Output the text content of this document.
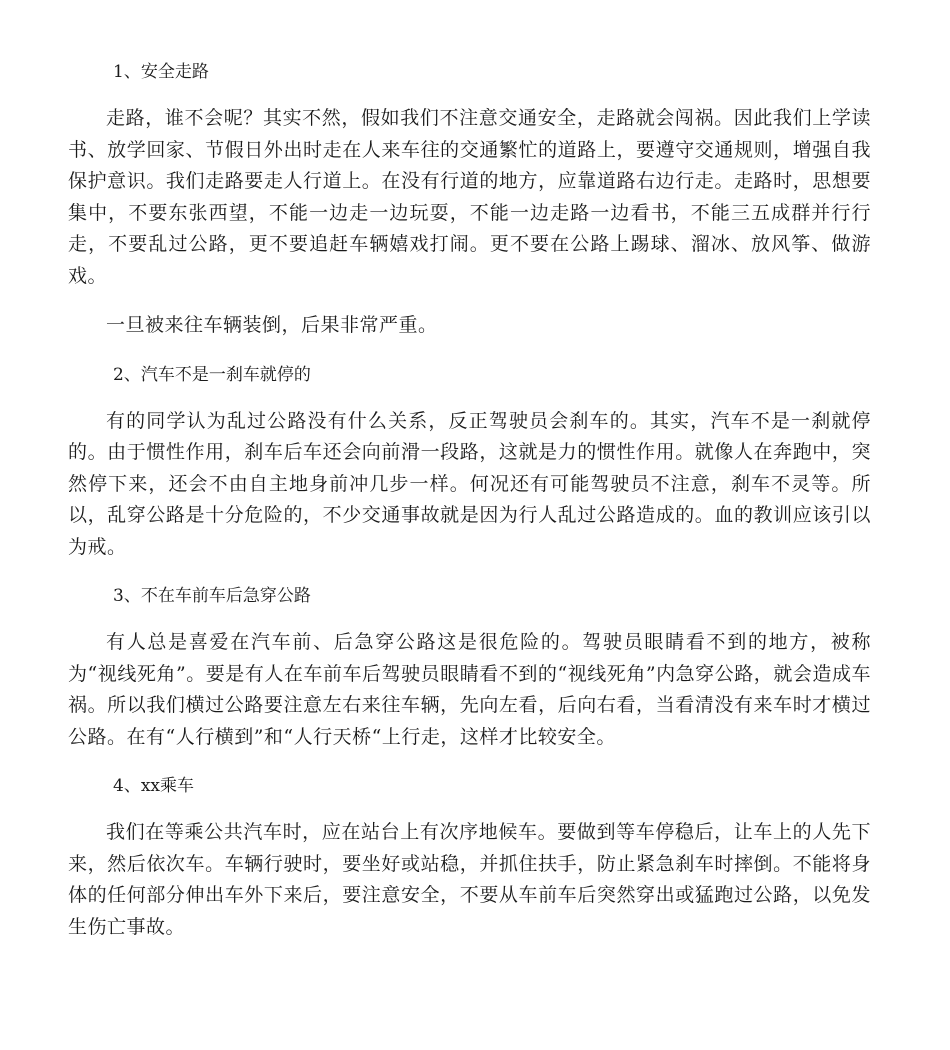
1、安全走路

走路，谁不会呢？其实不然，假如我们不注意交通安全，走路就会闯祸。因此我们上学读书、放学回家、节假日外出时走在人来车往的交通繁忙的道路上，要遵守交通规则，增强自我保护意识。我们走路要走人行道上。在没有行道的地方，应靠道路右边行走。走路时，思想要集中，不要东张西望，不能一边走一边玩耍，不能一边走路一边看书，不能三五成群并行行走，不要乱过公路，更不要追赶车辆嬉戏打闹。更不要在公路上踢球、溜冰、放风筝、做游戏。

一旦被来往车辆装倒，后果非常严重。

2、汽车不是一刹车就停的

有的同学认为乱过公路没有什么关系，反正驾驶员会刹车的。其实，汽车不是一刹就停的。由于惯性作用，刹车后车还会向前滑一段路，这就是力的惯性作用。就像人在奔跑中，突然停下来，还会不由自主地身前冲几步一样。何况还有可能驾驶员不注意，刹车不灵等。所以，乱穿公路是十分危险的，不少交通事故就是因为行人乱过公路造成的。血的教训应该引以为戒。

3、不在车前车后急穿公路

有人总是喜爱在汽车前、后急穿公路这是很危险的。驾驶员眼睛看不到的地方，被称为“视线死角”。要是有人在车前车后驾驶员眼睛看不到的“视线死角”内急穿公路，就会造成车祸。所以我们横过公路要注意左右来往车辆，先向左看，后向右看，当看清没有来车时才横过公路。在有“人行横到”和“人行天桥“上行走，这样才比较安全。

4、xx乘车

我们在等乘公共汽车时，应在站台上有次序地候车。要做到等车停稳后，让车上的人先下来，然后依次车。车辆行驶时，要坐好或站稳，并抓住扶手，防止紧急刹车时摔倒。不能将身体的任何部分伸出车外下来后，要注意安全，不要从车前车后突然穿出或猛跑过公路，以免发生伤亡事故。
